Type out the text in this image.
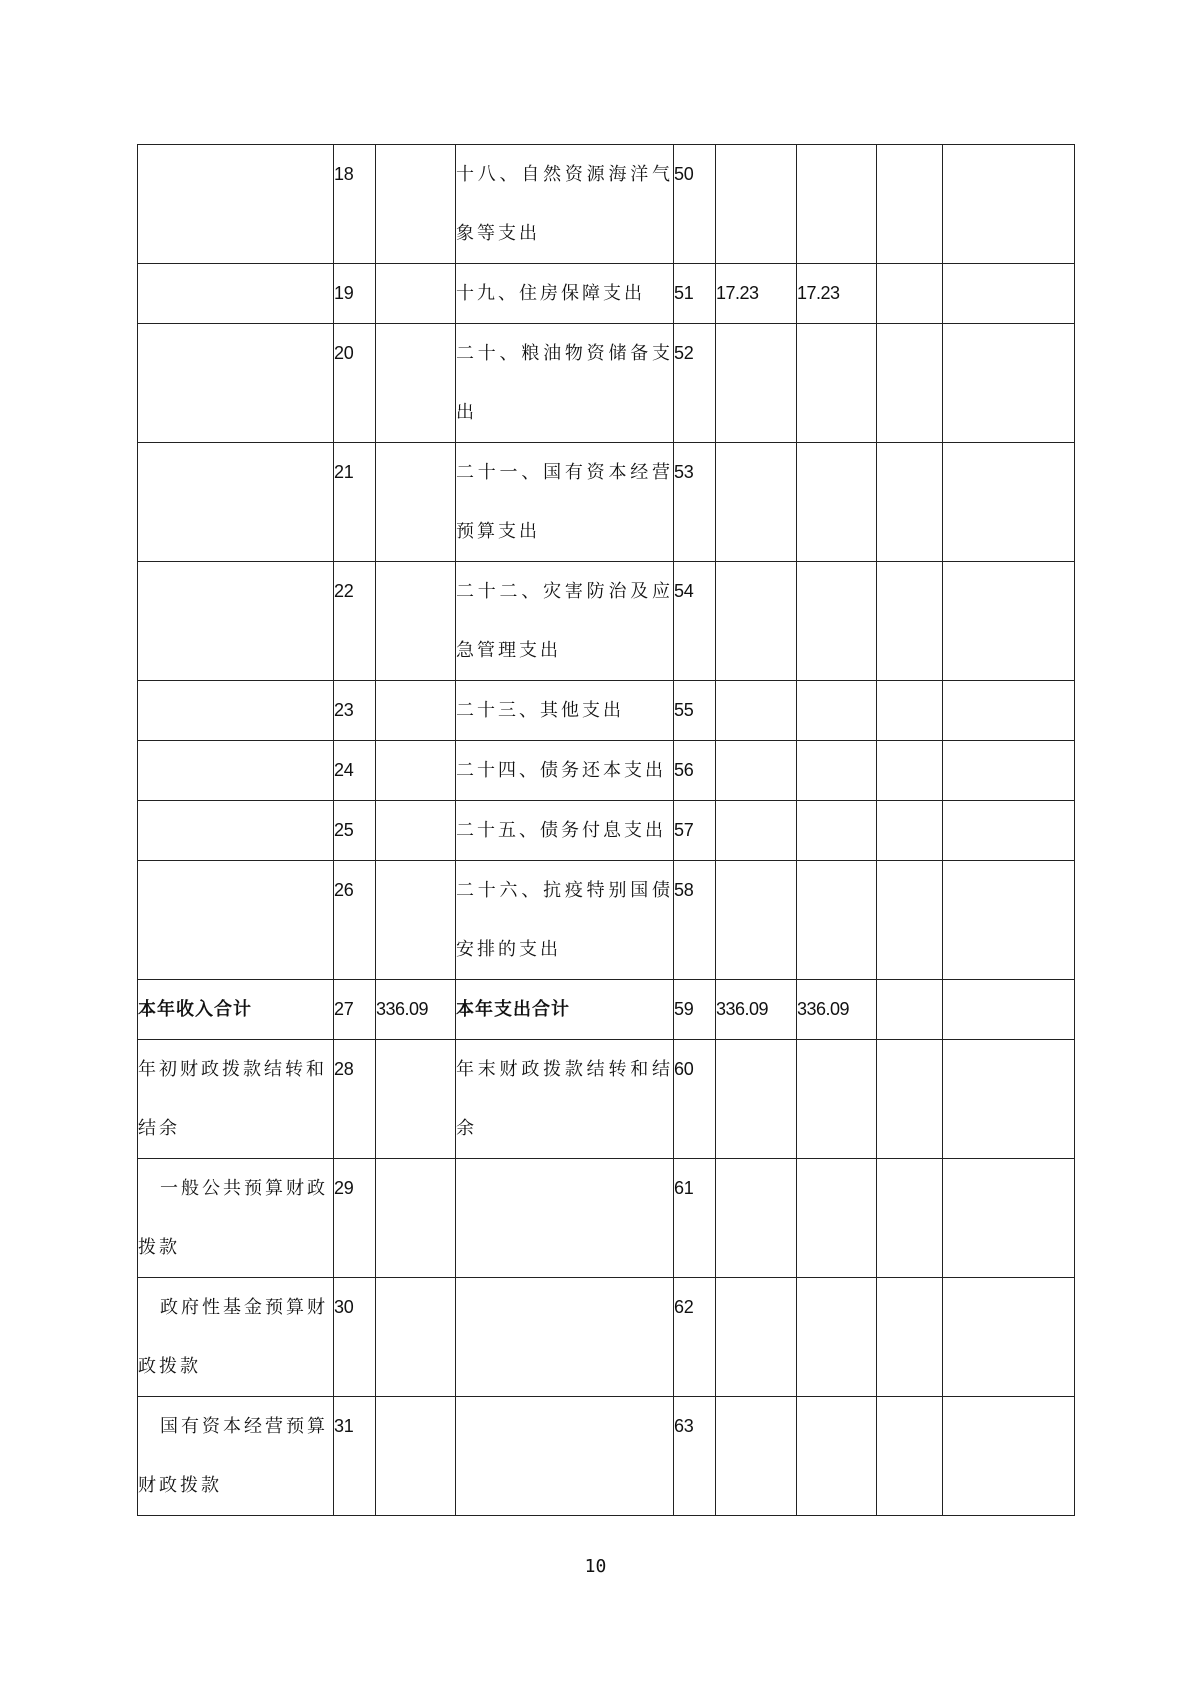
	18		十八、自然资源海洋气象等支出	50				
	19		十九、住房保障支出	51	17.23	17.23		
	20		二十、粮油物资储备支出	52				
	21		二十一、国有资本经营预算支出	53				
	22		二十二、灾害防治及应急管理支出	54				
	23		二十三、其他支出	55				
	24		二十四、债务还本支出	56				
	25		二十五、债务付息支出	57				
	26		二十六、抗疫特别国债安排的支出	58				
本年收入合计	27	336.09	本年支出合计	59	336.09	336.09		
年初财政拨款结转和结余	28		年末财政拨款结转和结余	60				
一般公共预算财政拨款	29			61				
政府性基金预算财政拨款	30			62				
国有资本经营预算财政拨款	31			63				
10
